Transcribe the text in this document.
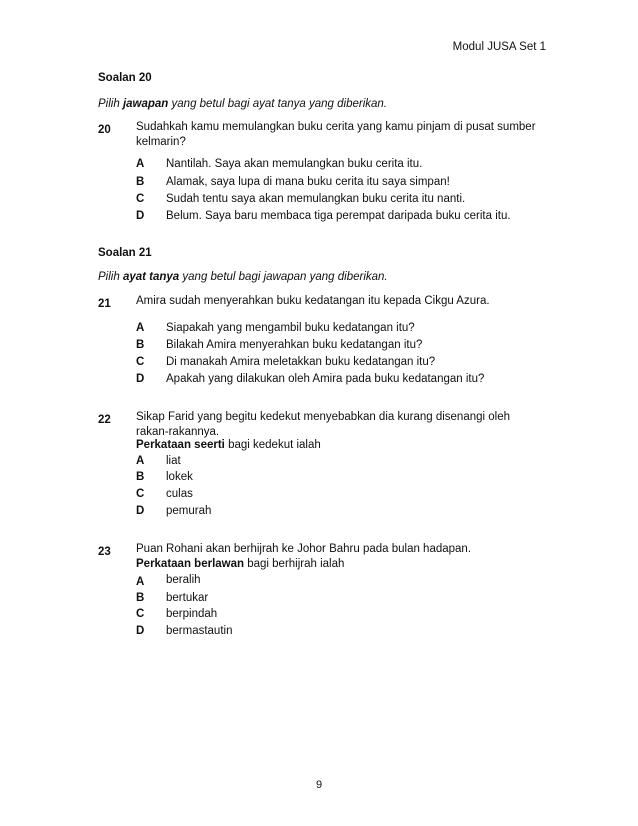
Modul JUSA Set 1

Soalan 20

Pilih jawapan yang betul bagi ayat tanya yang diberikan.

20 Sudahkah kamu memulangkan buku cerita yang kamu pinjam di pusat sumber kelmarin?

A Nantilah. Saya akan memulangkan buku cerita itu.

B Alamak, saya lupa di mana buku cerita itu saya simpan!

C Sudah tentu saya akan memulangkan buku cerita itu nanti.

D Belum. Saya baru membaca tiga perempat daripada buku cerita itu.

Soalan 21

Pilih ayat tanya yang betul bagi jawapan yang diberikan.

21 Amira sudah menyerahkan buku kedatangan itu kepada Cikgu Azura.

A Siapakah yang mengambil buku kedatangan itu?

B Bilakah Amira menyerahkan buku kedatangan itu?

C Di manakah Amira meletakkan buku kedatangan itu?

D Apakah yang dilakukan oleh Amira pada buku kedatangan itu?

22 Sikap Farid yang begitu kedekut menyebabkan dia kurang disenangi oleh rakan-rakannya.

Perkataan seerti bagi kedekut ialah

A liat

B lokek

C culas

D pemurah

23 Puan Rohani akan berhijrah ke Johor Bahru pada bulan hadapan.

Perkataan berlawan bagi berhijrah ialah

A beralih

B bertukar

C berpindah

D bermastautin

9
